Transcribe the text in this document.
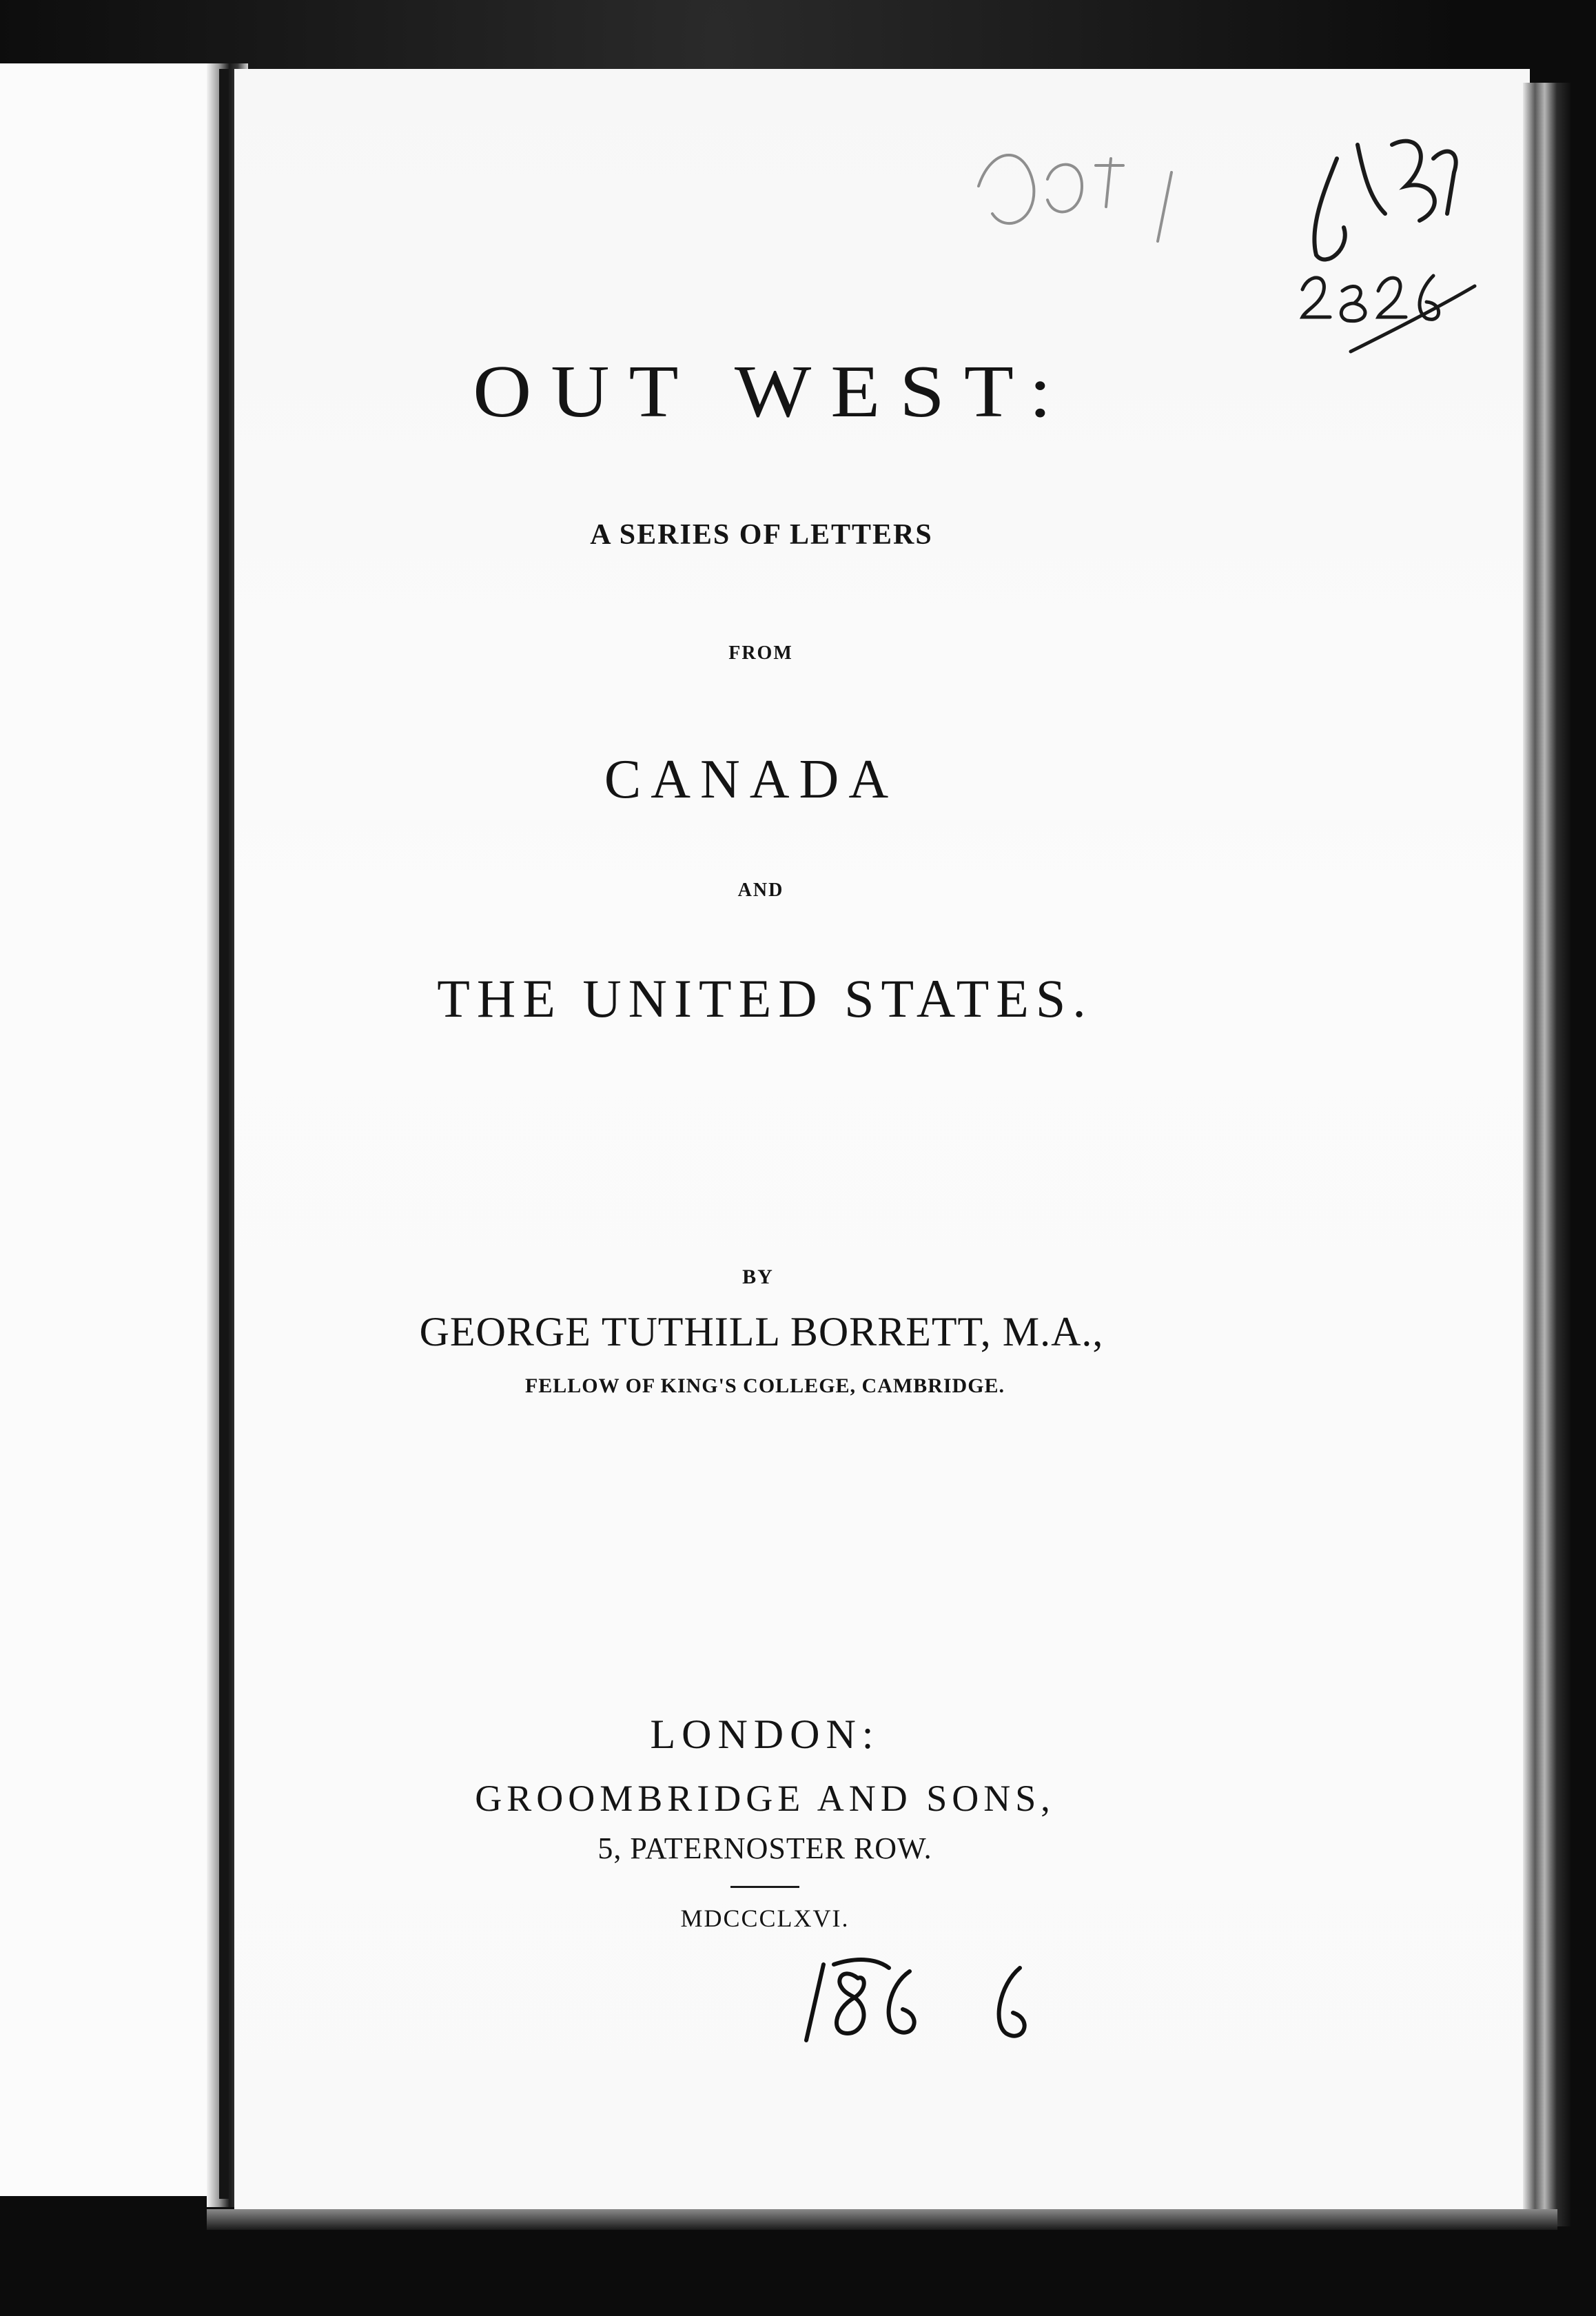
OUT WEST:
A SERIES OF LETTERS
FROM
CANADA
AND
THE UNITED STATES.
BY
GEORGE TUTHILL BORRETT, M.A.,
FELLOW OF KING'S COLLEGE, CAMBRIDGE.
LONDON:
GROOMBRIDGE AND SONS,
5, PATERNOSTER ROW.
MDCCCLXVI.
2826
